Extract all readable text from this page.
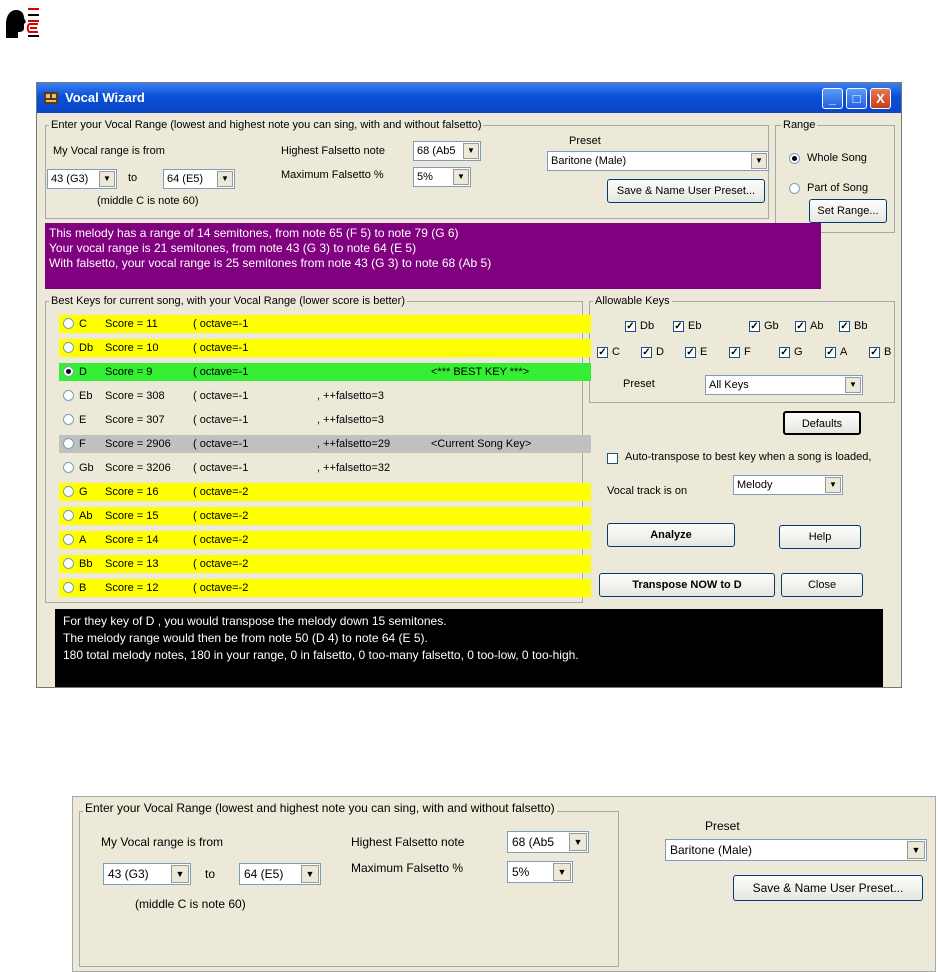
Vocal Wizard	_	□	X
Enter your Vocal Range (lowest and highest note you can sing, with and without falsetto)
My Vocal range is from
43 (G3)	▼	to	64 (E5)	▼
(middle C is note 60)
Highest Falsetto note	68 (Ab5	▼
Maximum Falsetto %	5%	▼
Preset
Baritone (Male)	▼
Save & Name User Preset...
Range
Whole Song
Part of Song
Set Range...
This melody has a range of 14 semitones, from note 65 (F 5) to note 79 (G 6)
Your vocal range is 21 semitones, from note 43 (G 3) to note 64 (E 5)
With falsetto, your vocal range is 25 semitones from note 43 (G 3) to note 68 (Ab 5)
Best Keys for current song, with your Vocal Range (lower score is better)	Allowable Keys
Preset	All Keys	▼
Defaults
Auto-transpose to best key when a song is loaded,
Vocal track is on	Melody	▼
Analyze	Help
Transpose NOW to D	Close
For they key of D , you would transpose the melody down 15 semitones.
The melody range would then be from note 50 (D 4) to note 64 (E 5).
180 total melody notes, 180 in your range, 0 in falsetto, 0 too-many falsetto, 0 too-low, 0 too-high.
C Score = 11	( octave=-1
Db Score = 10	( octave=-1
D Score = 9	( octave=-1	<*** BEST KEY ***>
Eb Score = 308	( octave=-1	, ++falsetto=3
E Score = 307	( octave=-1	, ++falsetto=3
F Score = 2906 ( octave=-1	, ++falsetto=29	<Current Song Key>
Gb Score = 3206 ( octave=-1	, ++falsetto=32
G Score = 16	( octave=-2
Ab Score = 15	( octave=-2
A Score = 14	( octave=-2
Bb Score = 13	( octave=-2
B Score = 12	( octave=-2
✓ Db ✓ Eb	✓ Gb ✓ Ab ✓ Bb
✓ C ✓ D ✓ E ✓ F	✓ G ✓ A ✓ B
Enter your Vocal Range (lowest and highest note you can sing, with and without falsetto)
My Vocal range is from
43 (G3)	▼	to	64 (E5)	▼
(middle C is note 60)
Highest Falsetto note	68 (Ab5	▼
Maximum Falsetto %	5%	▼
Preset
Baritone (Male)	▼
Save & Name User Preset...
